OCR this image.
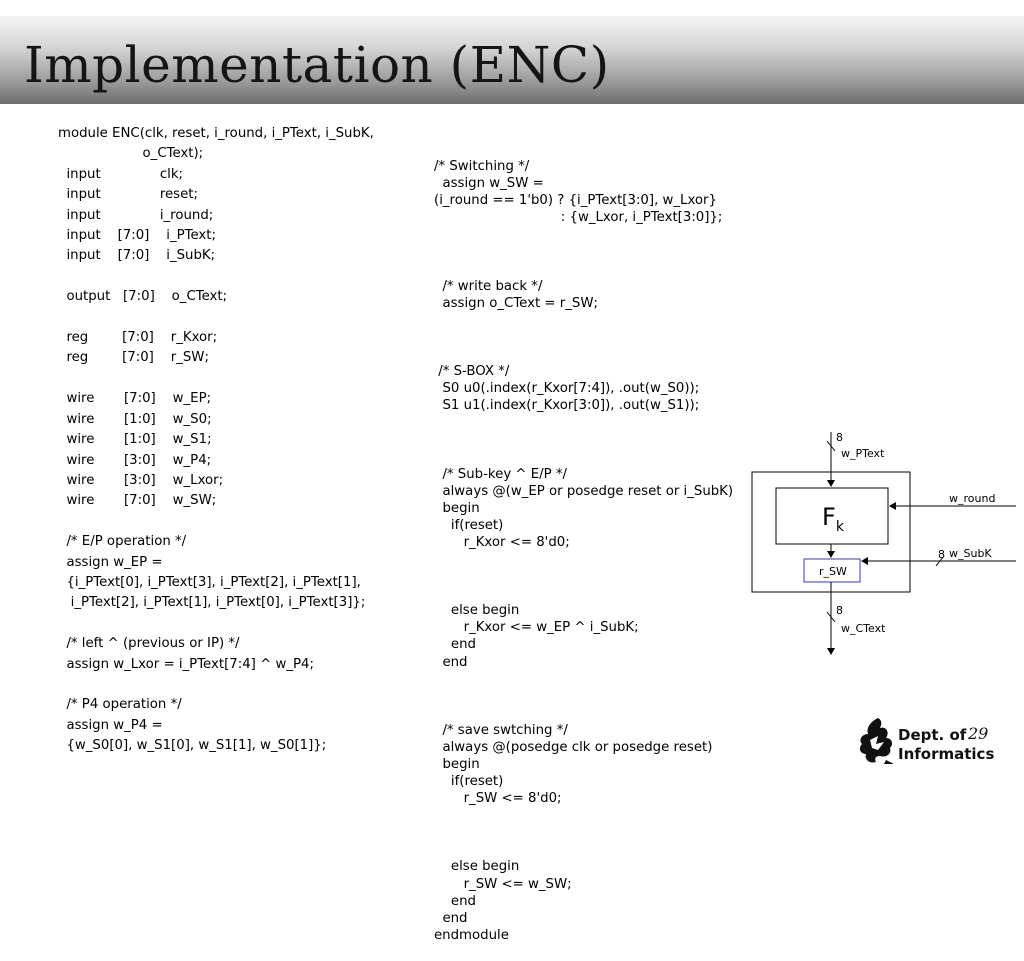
Implementation (ENC)
module ENC(clk, reset, i_round, i_PText, i_SubK,
o_CText);
input              clk;
input              reset;
input              i_round;
input    [7:0]    i_PText;
input    [7:0]    i_SubK;

output   [7:0]    o_CText;

reg        [7:0]    r_Kxor;
reg        [7:0]    r_SW;

wire       [7:0]    w_EP;
wire       [1:0]    w_S0;
wire       [1:0]    w_S1;
wire       [3:0]    w_P4;
wire       [3:0]    w_Lxor;
wire       [7:0]    w_SW;

/* E/P operation */
assign w_EP =
{i_PText[0], i_PText[3], i_PText[2], i_PText[1],
i_PText[2], i_PText[1], i_PText[0], i_PText[3]};

/* left ^ (previous or IP) */
assign w_Lxor = i_PText[7:4] ^ w_P4;

/* P4 operation */
assign w_P4 =
{w_S0[0], w_S1[0], w_S1[1], w_S0[1]};

/* Switching */
assign w_SW =
(i_round == 1'b0) ? {i_PText[3:0], w_Lxor}
: {w_Lxor, i_PText[3:0]};

/* write back */
assign o_CText = r_SW;

/* S-BOX */
S0 u0(.index(r_Kxor[7:4]), .out(w_S0));
S1 u1(.index(r_Kxor[3:0]), .out(w_S1));

/* Sub-key ^ E/P */
always @(w_EP or posedge reset or i_SubK)
begin
if(reset)
r_Kxor <= 8'd0;

else begin
r_Kxor <= w_EP ^ i_SubK;
end
end

/* save swtching */
always @(posedge clk or posedge reset)
begin
if(reset)
r_SW <= 8'd0;

else begin
r_SW <= w_SW;
end
end
endmodule

8
w_PText
$F_k$
r_SW
w_round
8 w_SubK
8
w_CText
Dept. of
Informatics
29
